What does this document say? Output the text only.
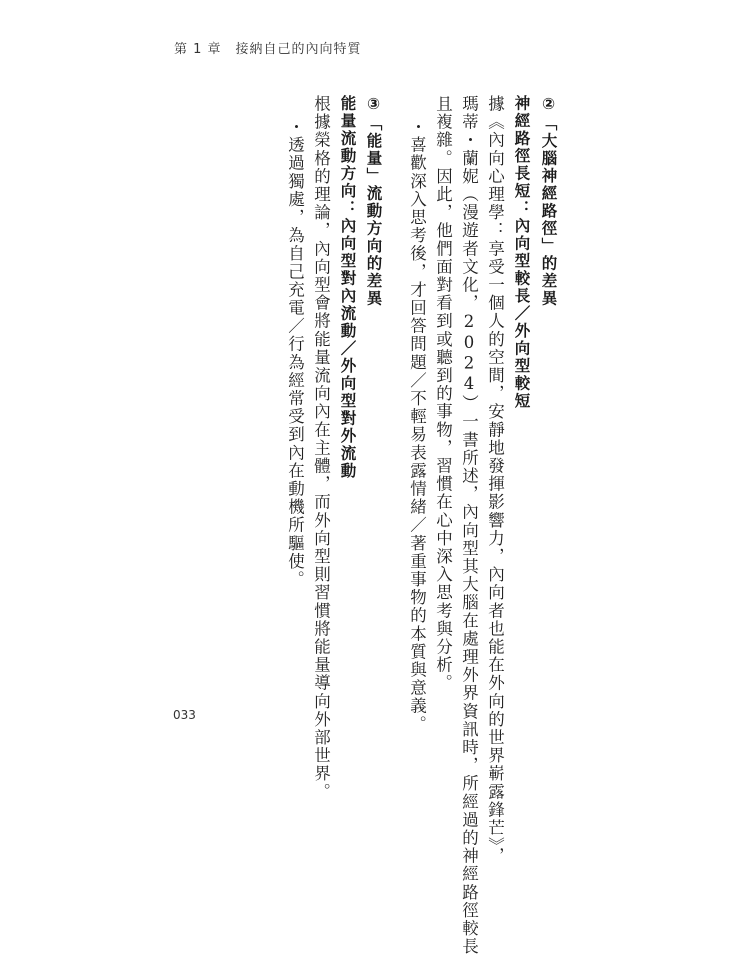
第 1 章　接納自己的內向特質
②「大腦神經路徑」的差異
神經路徑長短：內向型較長／外向型較短
據《內向心理學：享受一個人的空間，安靜地發揮影響力，內向者也能在外向的世界嶄露鋒芒》，
瑪蒂・蘭妮（漫遊者文化，2024）一書所述，內向型其大腦在處理外界資訊時，所經過的神經路徑較長
且複雜。因此，他們面對看到或聽到的事物，習慣在心中深入思考與分析。
・喜歡深入思考後，才回答問題／不輕易表露情緒／著重事物的本質與意義。
③「能量」流動方向的差異
能量流動方向：內向型對內流動／外向型對外流動
根據榮格的理論，內向型會將能量流向內在主體，而外向型則習慣將能量導向外部世界。
・透過獨處，為自己充電／行為經常受到內在動機所驅使。
033
